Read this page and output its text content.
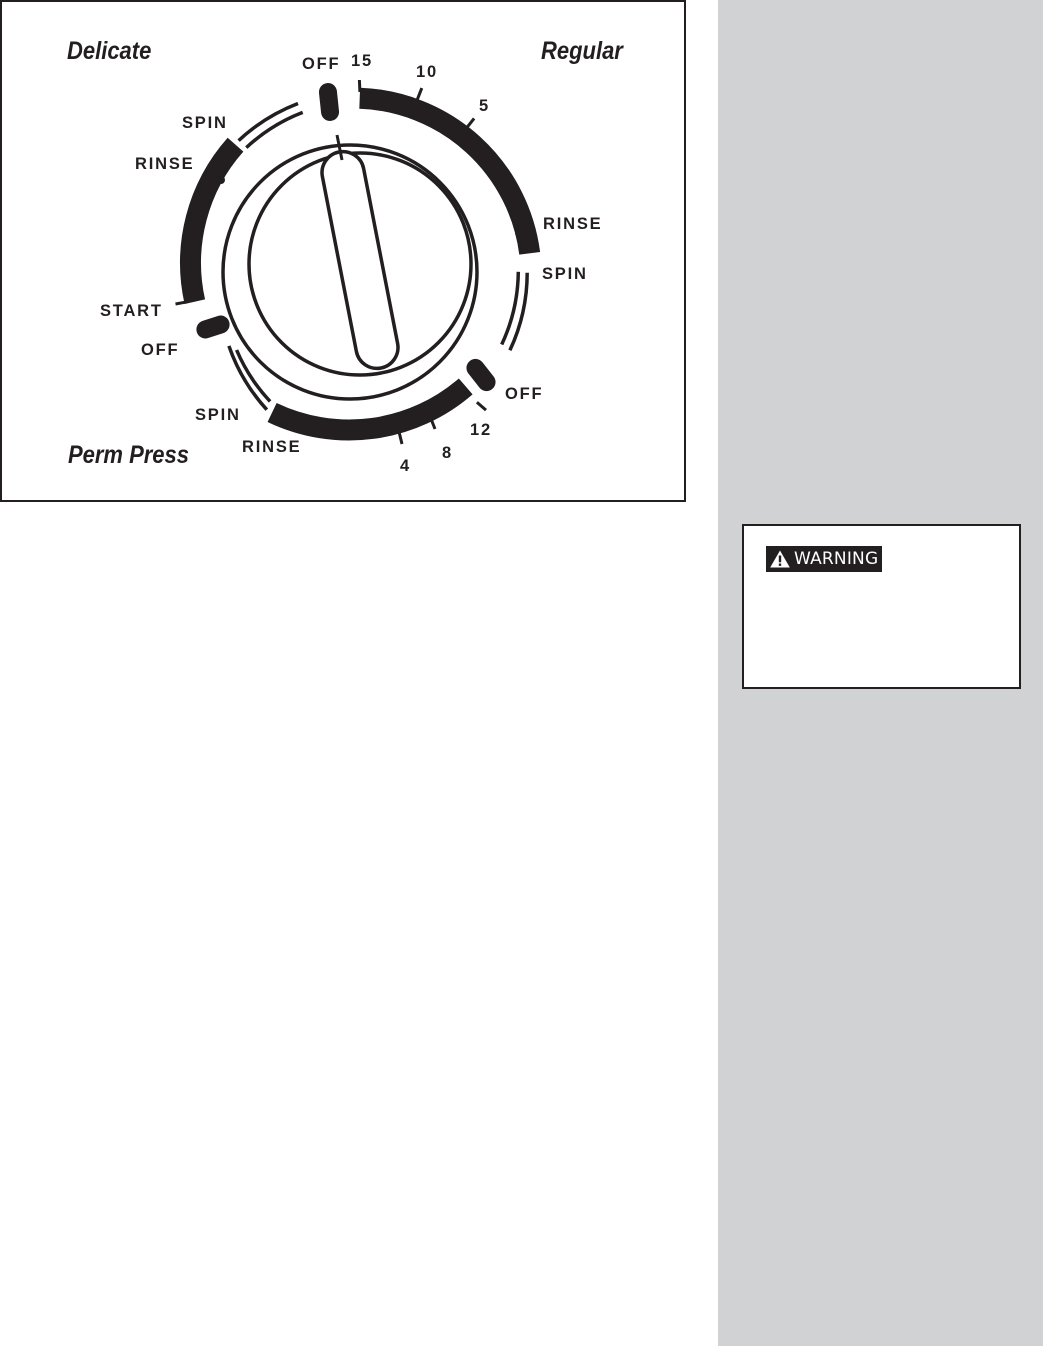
Delicate	Regular
Perm Press
OFF
SPIN
RINSE
START
15
10
5
RINSE
SPIN
OFF
OFF
SPIN
RINSE
12
8
4
WARNING
